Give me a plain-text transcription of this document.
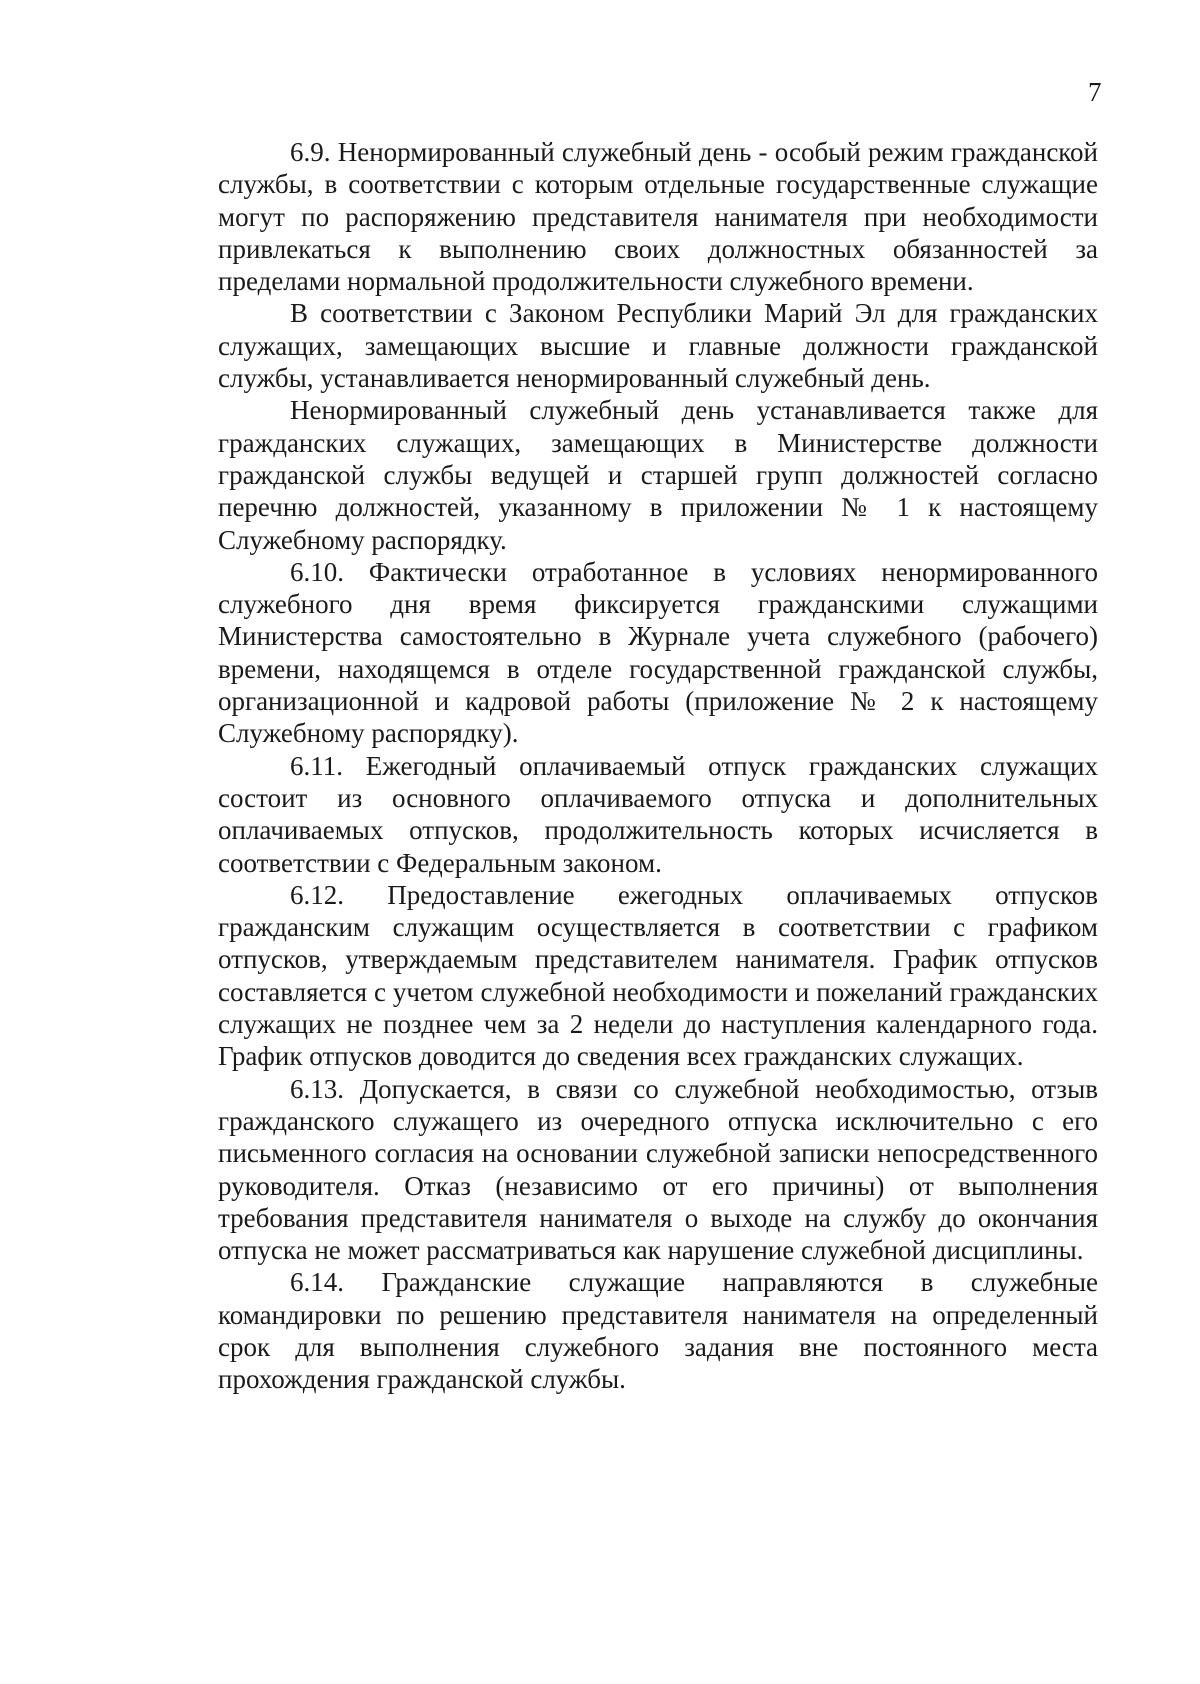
7

6.9. Ненормированный служебный день - особый режим гражданской службы, в соответствии с которым отдельные государственные служащие могут по распоряжению представителя нанимателя при необходимости привлекаться к выполнению своих должностных обязанностей за пределами нормальной продолжительности служебного времени.

В соответствии с Законом Республики Марий Эл для гражданских служащих, замещающих высшие и главные должности гражданской службы, устанавливается ненормированный служебный день.

Ненормированный служебный день устанавливается также для гражданских служащих, замещающих в Министерстве должности гражданской службы ведущей и старшей групп должностей согласно перечню должностей, указанному в приложении № 1 к настоящему Служебному распорядку.

6.10. Фактически отработанное в условиях ненормированного служебного дня время фиксируется гражданскими служащими Министерства самостоятельно в Журнале учета служебного (рабочего) времени, находящемся в отделе государственной гражданской службы, организационной и кадровой работы (приложение № 2 к настоящему Служебному распорядку).

6.11. Ежегодный оплачиваемый отпуск гражданских служащих состоит из основного оплачиваемого отпуска и дополнительных оплачиваемых отпусков, продолжительность которых исчисляется в соответствии с Федеральным законом.

6.12. Предоставление ежегодных оплачиваемых отпусков гражданским служащим осуществляется в соответствии с графиком отпусков, утверждаемым представителем нанимателя. График отпусков составляется с учетом служебной необходимости и пожеланий гражданских служащих не позднее чем за 2 недели до наступления календарного года. График отпусков доводится до сведения всех гражданских служащих.

6.13. Допускается, в связи со служебной необходимостью, отзыв гражданского служащего из очередного отпуска исключительно с его письменного согласия на основании служебной записки непосредственного руководителя. Отказ (независимо от его причины) от выполнения требования представителя нанимателя о выходе на службу до окончания отпуска не может рассматриваться как нарушение служебной дисциплины.

6.14. Гражданские служащие направляются в служебные командировки по решению представителя нанимателя на определенный срок для выполнения служебного задания вне постоянного места прохождения гражданской службы.
